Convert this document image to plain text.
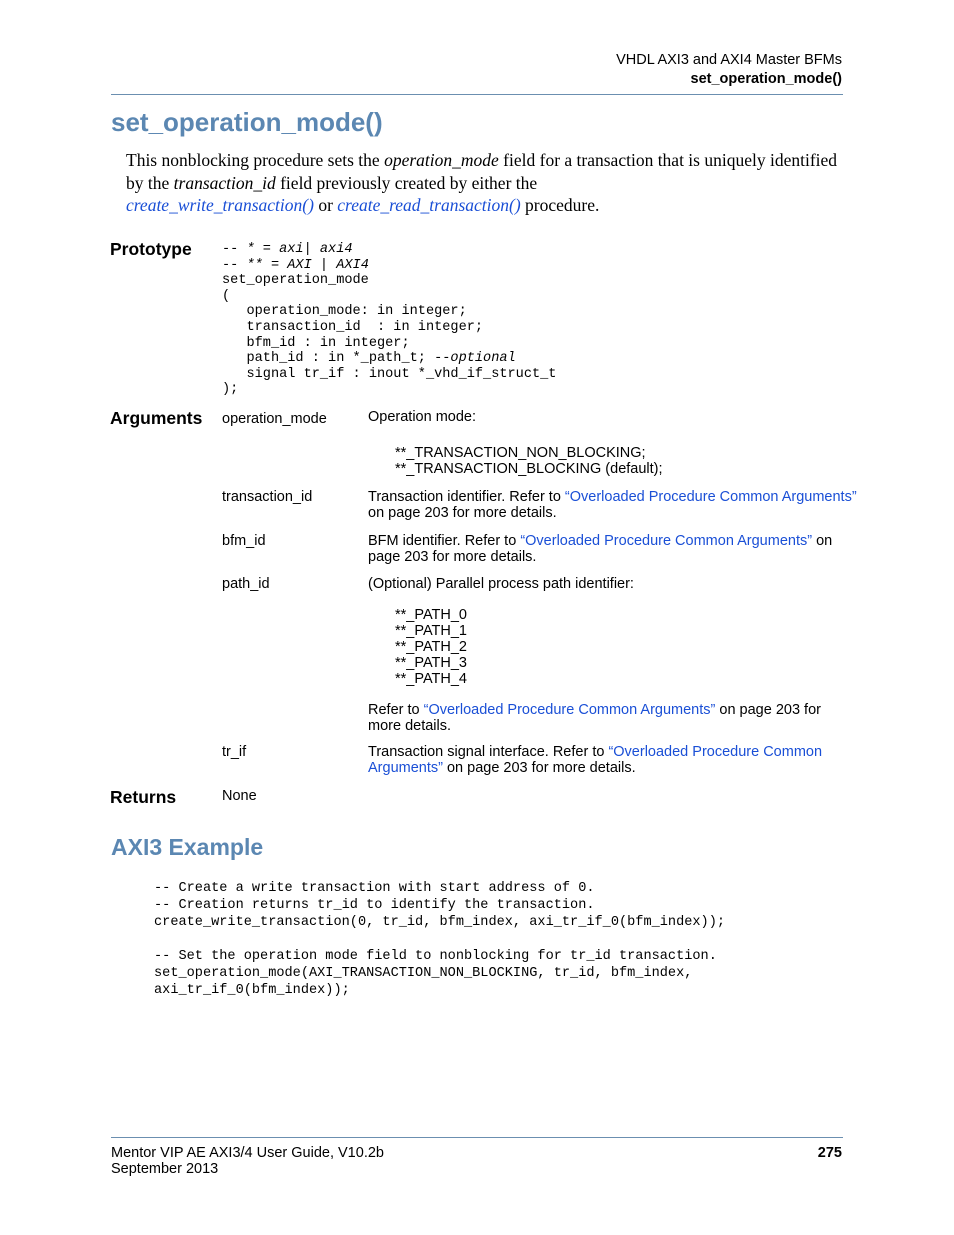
VHDL AXI3 and AXI4 Master BFMs
set_operation_mode()
set_operation_mode()
This nonblocking procedure sets the operation_mode field for a transaction that is uniquely identified by the transaction_id field previously created by either the
create_write_transaction() or create_read_transaction() procedure.
Prototype -- * = axi| axi4
-- ** = AXI | AXI4
set_operation_mode
(
operation_mode: in integer;
transaction_id  : in integer;
bfm_id : in integer;
path_id : in *_path_t; --optional
signal tr_if : inout *_vhd_if_struct_t
);
Arguments operation_mode	Operation mode:
**_TRANSACTION_NON_BLOCKING;
**_TRANSACTION_BLOCKING (default);
transaction_id	Transaction identifier. Refer to “Overloaded Procedure Common Arguments” on page 203 for more details.
bfm_id	BFM identifier. Refer to “Overloaded Procedure Common Arguments” on page 203 for more details.
path_id	(Optional) Parallel process path identifier:
**_PATH_0
**_PATH_1
**_PATH_2
**_PATH_3
**_PATH_4
Refer to “Overloaded Procedure Common Arguments” on page 203 for more details.
tr_if	Transaction signal interface. Refer to “Overloaded Procedure Common Arguments” on page 203 for more details.
Returns	None
AXI3 Example
-- Create a write transaction with start address of 0.
-- Creation returns tr_id to identify the transaction.
create_write_transaction(0, tr_id, bfm_index, axi_tr_if_0(bfm_index));
-- Set the operation mode field to nonblocking for tr_id transaction.
set_operation_mode(AXI_TRANSACTION_NON_BLOCKING, tr_id, bfm_index,
axi_tr_if_0(bfm_index));
Mentor VIP AE AXI3/4 User Guide, V10.2b
September 2013
275
